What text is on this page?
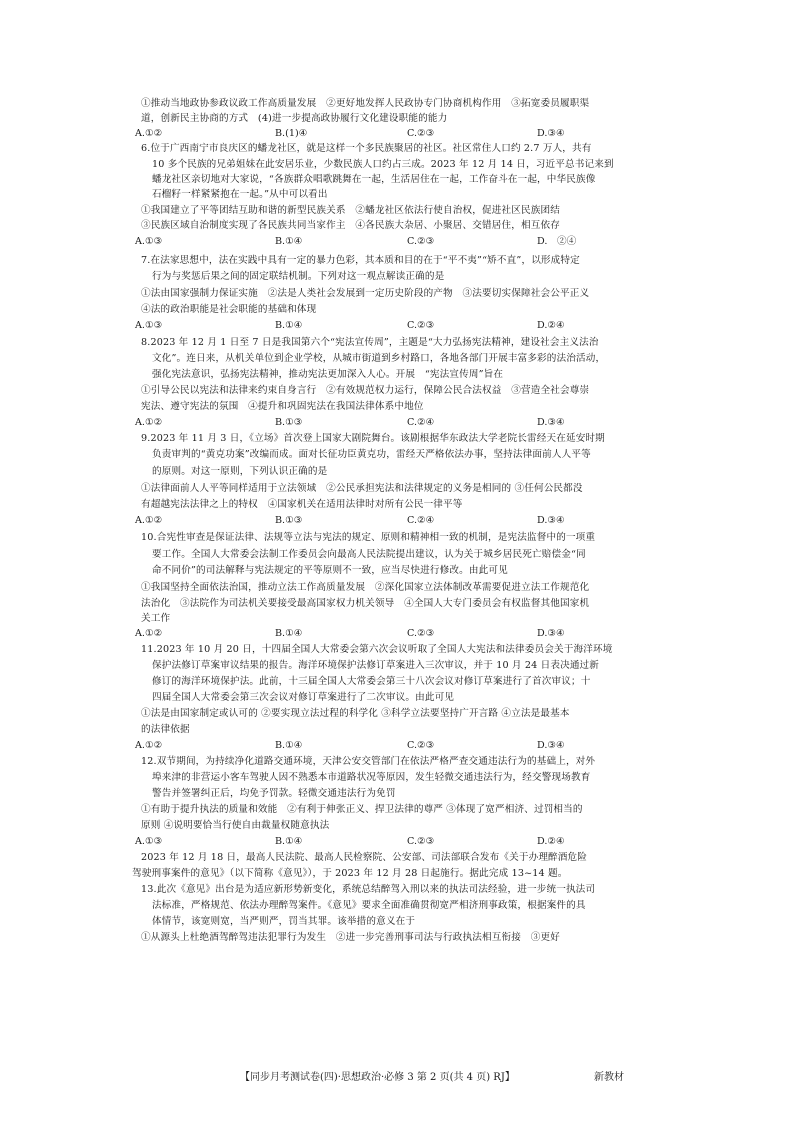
①推动当地政协参政议政工作高质量发展　②更好地发挥人民政协专门协商机构作用　③拓宽委员履职渠
道，创新民主协商的方式　(4)进一步提高政协履行文化建设职能的能力
A.①②	B.(1)④	C.②③	D.③④
6.位于广西南宁市良庆区的蟠龙社区，就是这样一个多民族聚居的社区。社区常住人口约 2.7 万人，共有
10 多个民族的兄弟姐妹在此安居乐业，少数民族人口约占三成。2023 年 12 月 14 日，习近平总书记来到
蟠龙社区亲切地对大家说，“各族群众唱歌跳舞在一起，生活居住在一起，工作奋斗在一起，中华民族像
石榴籽一样紧紧抱在一起。”从中可以看出
①我国建立了平等团结互助和谐的新型民族关系　②蟠龙社区依法行使自治权，促进社区民族团结
③民族区域自治制度实现了各民族共同当家作主　④各民族大杂居、小聚居、交错居住，相互依存
A.①③	B.①④	C.②③	D.　②④
7.在法家思想中，法在实践中具有一定的暴力色彩，其本质和目的在于“平不夷”“矫不直”，以形成特定
行为与奖惩后果之间的固定联结机制。下列对这一观点解读正确的是
①法由国家强制力保证实施　②法是人类社会发展到一定历史阶段的产物　③法要切实保障社会公平正义
④法的政治职能是社会职能的基础和体现
A.①③	B.①④	C.②③	D.②④
8.2023 年 12 月 1 日至 7 日是我国第六个“宪法宣传周”，主题是“大力弘扬宪法精神，建设社会主义法治
文化”。连日来，从机关单位到企业学校，从城市街道到乡村路口，各地各部门开展丰富多彩的法治活动，
强化宪法意识，弘扬宪法精神，推动宪法更加深入人心。开展　“宪法宣传周”旨在
①引导公民以宪法和法律来约束自身言行　②有效规范权力运行，保障公民合法权益　③营造全社会尊崇
宪法、遵守宪法的氛围　④提升和巩固宪法在我国法律体系中地位
A.①②	B.①③	C.②④	D.③④
9.2023 年 11 月 3 日，《立场》首次登上国家大剧院舞台。该剧根据华东政法大学老院长雷经天在延安时期
负责审判的“黄克功案”改编而成。面对长征功臣黄克功，雷经天严格依法办事，坚持法律面前人人平等
的原则。对这一原则，下列认识正确的是
①法律面前人人平等同样适用于立法领域　②公民承担宪法和法律规定的义务是相同的 ③任何公民都没
有超越宪法法律之上的特权　④国家机关在适用法律时对所有公民一律平等
A.①②	B.①③	C.②④	D.③④
10.合宪性审查是保证法律、法规等立法与宪法的规定、原则和精神相一致的机制，是宪法监督中的一项重
要工作。全国人大常委会法制工作委员会向最高人民法院提出建议，认为关于城乡居民死亡赔偿金“同
命不同价”的司法解释与宪法规定的平等原则不一致，应当尽快进行修改。由此可见
①我国坚持全面依法治国，推动立法工作高质量发展　②深化国家立法体制改革需要促进立法工作规范化
法治化　③法院作为司法机关要接受最高国家权力机关领导　④全国人大专门委员会有权监督其他国家机
关工作
A.①②	B.①④	C.②③	D.③④
11.2023 年 10 月 20 日，十四届全国人大常委会第六次会议听取了全国人大宪法和法律委员会关于海洋环境
保护法修订草案审议结果的报告。海洋环境保护法修订草案进入三次审议，并于 10 月 24 日表决通过新
修订的海洋环境保护法。此前，十三届全国人大常委会第三十八次会议对修订草案进行了首次审议；十
四届全国人大常委会第三次会议对修订草案进行了二次审议。由此可见
①法是由国家制定或认可的 ②要实现立法过程的科学化 ③科学立法要坚持广开言路 ④立法是最基本
的法律依据
A.①②	B.①④	C.②③	D.③④
12.双节期间，为持续净化道路交通环境，天津公安交管部门在依法严格严查交通违法行为的基础上，对外
埠来津的非营运小客车驾驶人因不熟悉本市道路状况等原因，发生轻微交通违法行为，经交警现场教育
警告并签署纠正后，均免予罚款。轻微交通违法行为免罚
①有助于提升执法的质量和效能　②有利于伸张正义、捍卫法律的尊严 ③体现了宽严相济、过罚相当的
原则 ④说明要恰当行使自由裁量权随意执法
A.①③	B.①④	C.②③	D.②④
2023 年 12 月 18 日，最高人民法院、最高人民检察院、公安部、司法部联合发布《关于办理醉酒危险
驾驶刑事案件的意见》（以下简称《意见》），于 2023 年 12 月 28 日起施行。据此完成 13~14 题。
13.此次《意见》出台是为适应新形势新变化，系统总结醉驾入刑以来的执法司法经验，进一步统一执法司
法标准，严格规范、依法办理醉驾案件。《意见》要求全面准确贯彻宽严相济刑事政策，根据案件的具
体情节，该宽则宽，当严则严，罚当其罪。该举措的意义在于
①从源头上杜绝酒驾醉驾违法犯罪行为发生　②进一步完善刑事司法与行政执法相互衔接　③更好
【同步月考测试卷(四)·思想政治·必修 3 第 2 页(共 4 页) RJ】	新教材
